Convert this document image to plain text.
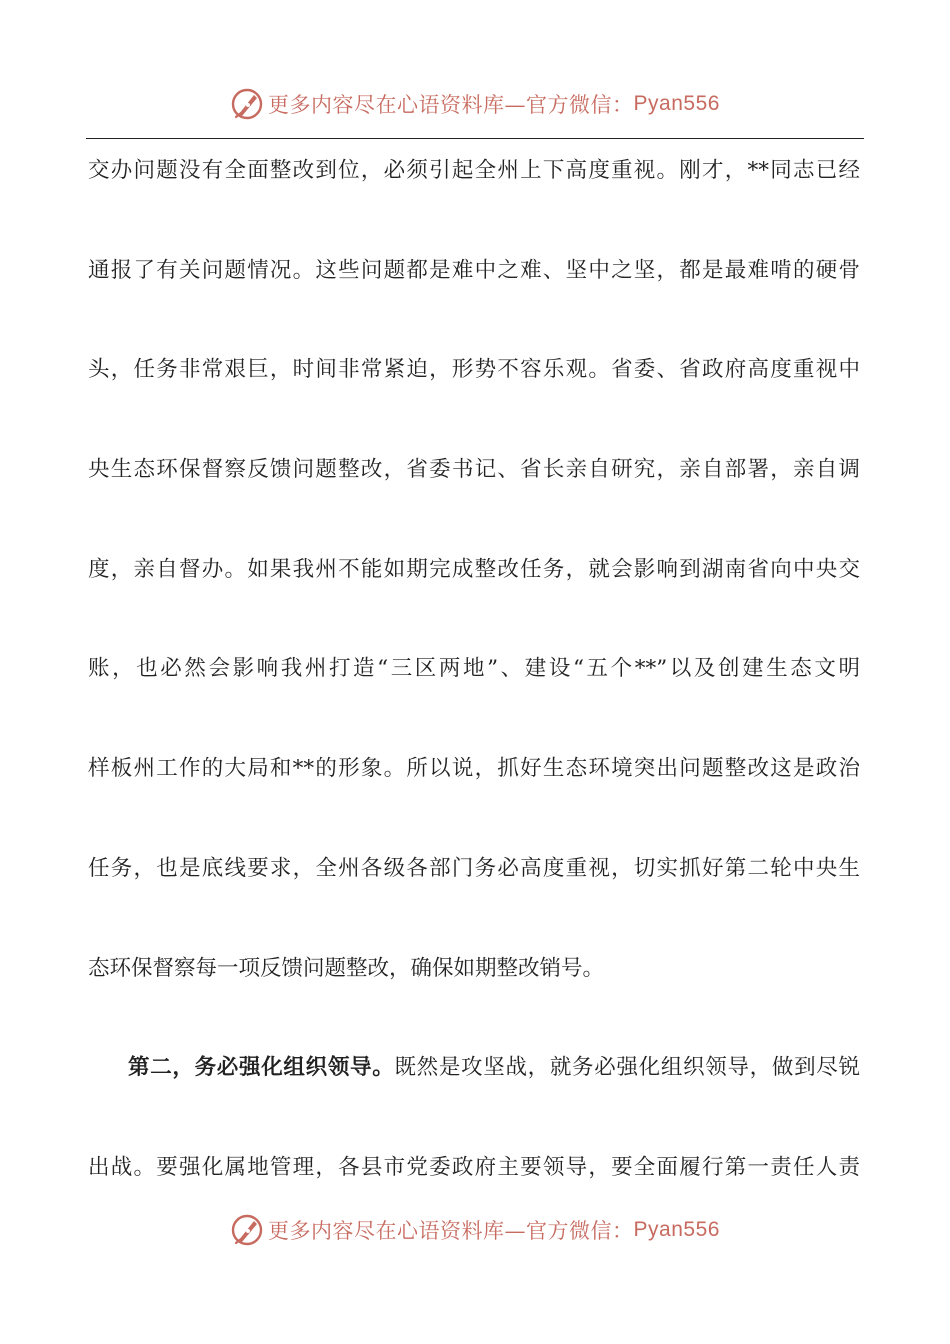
更多内容尽在心语资料库—官方微信： Pyan556
交办问题没有全面整改到位，必须引起全州上下高度重视。刚才，**同志已经
通报了有关问题情况。这些问题都是难中之难、坚中之坚，都是最难啃的硬骨
头，任务非常艰巨，时间非常紧迫，形势不容乐观。省委、省政府高度重视中
央生态环保督察反馈问题整改，省委书记、省长亲自研究，亲自部署，亲自调
度，亲自督办。如果我州不能如期完成整改任务，就会影响到湖南省向中央交
账，也必然会影响我州打造“三区两地”、建设“五个**”以及创建生态文明
样板州工作的大局和**的形象。所以说，抓好生态环境突出问题整改这是政治
任务，也是底线要求，全州各级各部门务必高度重视，切实抓好第二轮中央生
态环保督察每一项反馈问题整改，确保如期整改销号。
第二，务必强化组织领导。既然是攻坚战，就务必强化组织领导，做到尽锐
出战。要强化属地管理，各县市党委政府主要领导，要全面履行第一责任人责
更多内容尽在心语资料库—官方微信： Pyan556
